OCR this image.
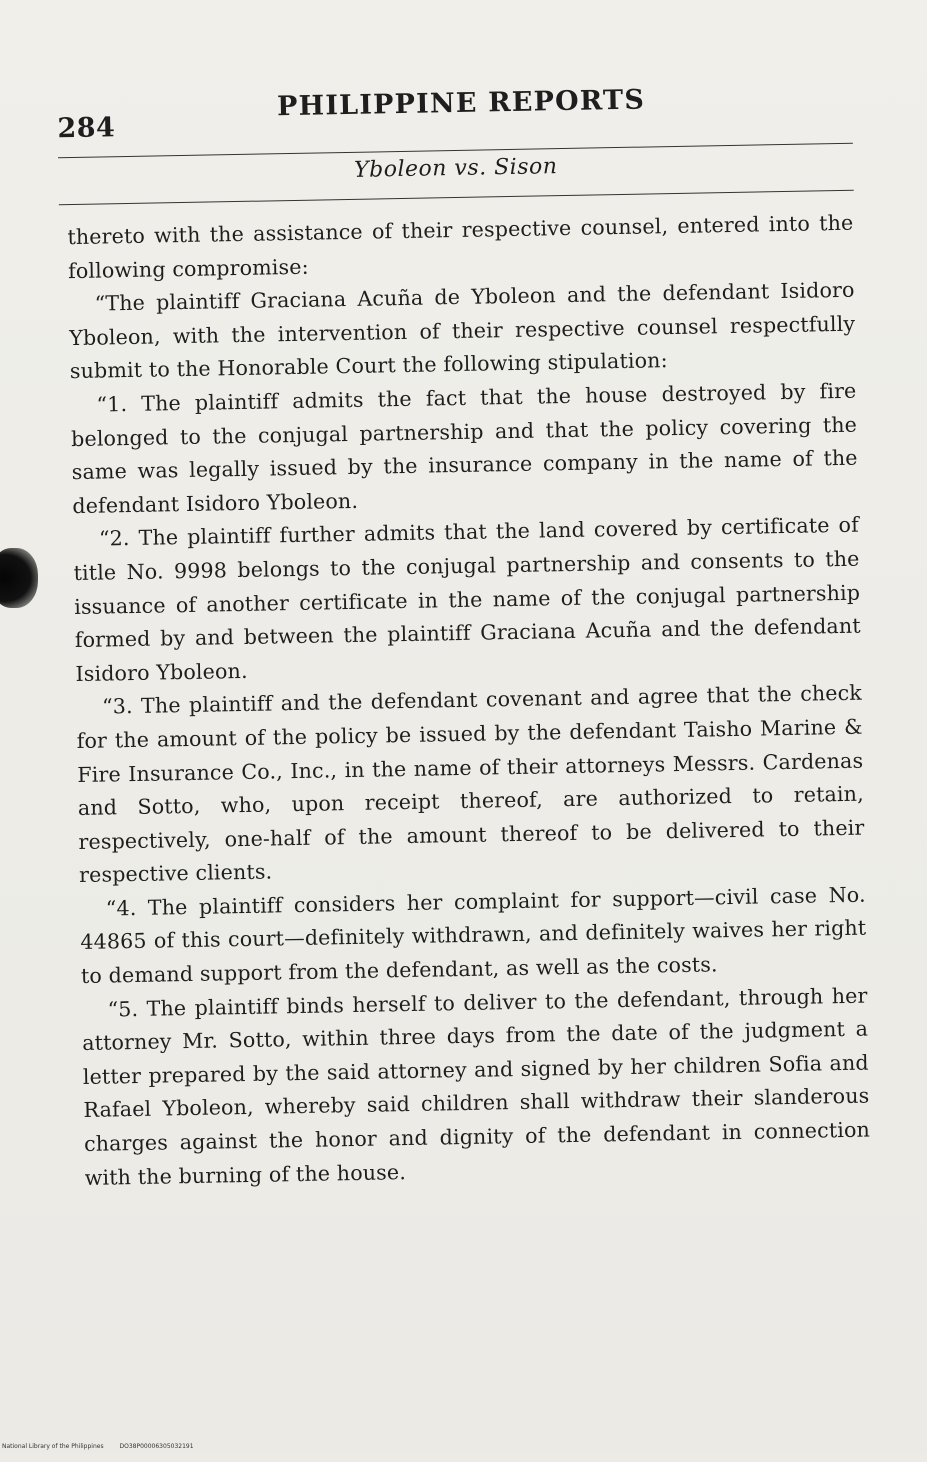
284
PHILIPPINE REPORTS
Yboleon vs. Sison

thereto with the assistance of their respective counsel, entered into the following compromise:

“The plaintiff Graciana Acuña de Yboleon and the defendant Isidoro Yboleon, with the intervention of their respective counsel respectfully submit to the Honorable Court the following stipulation:

“1. The plaintiff admits the fact that the house destroyed by fire belonged to the conjugal partnership and that the policy covering the same was legally issued by the insurance company in the name of the defendant Isidoro Yboleon.

“2. The plaintiff further admits that the land covered by certificate of title No. 9998 belongs to the conjugal partnership and consents to the issuance of another certificate in the name of the conjugal partnership formed by and between the plaintiff Graciana Acuña and the defendant Isidoro Yboleon.

“3. The plaintiff and the defendant covenant and agree that the check for the amount of the policy be issued by the defendant Taisho Marine & Fire Insurance Co., Inc., in the name of their attorneys Messrs. Cardenas and Sotto, who, upon receipt thereof, are authorized to retain, respectively, one-half of the amount thereof to be delivered to their respective clients.

“4. The plaintiff considers her complaint for support—civil case No. 44865 of this court—definitely withdrawn, and definitely waives her right to demand support from the defendant, as well as the costs.

“5. The plaintiff binds herself to deliver to the defendant, through her attorney Mr. Sotto, within three days from the date of the judgment a letter prepared by the said attorney and signed by her children Sofia and Rafael Yboleon, whereby said children shall withdraw their slanderous charges against the honor and dignity of the defendant in connection with the burning of the house.

National Library of the Philippines	DO38P00006305032191
